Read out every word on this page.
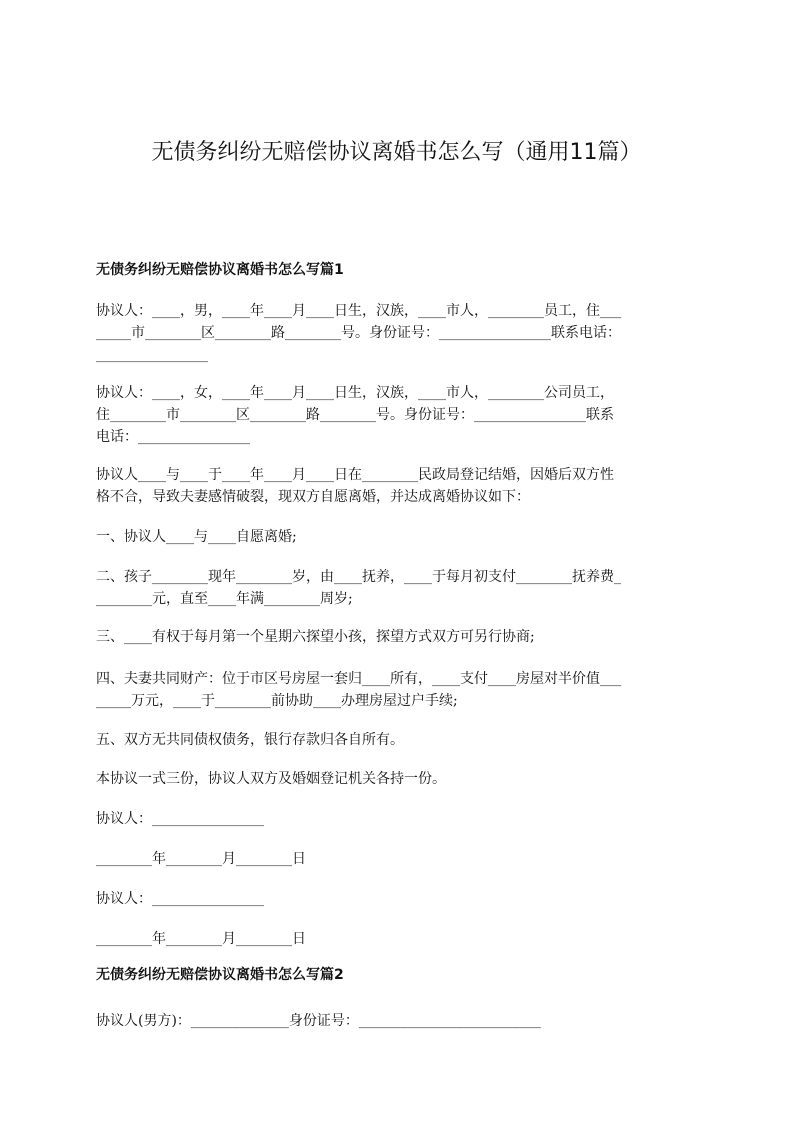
无债务纠纷无赔偿协议离婚书怎么写（通用11篇）
无债务纠纷无赔偿协议离婚书怎么写篇1
协议人：____，男，____年____月____日生，汉族，____市人，________员工，住___
_____市________区________路________号。身份证号：________________联系电话：
________________
协议人：____，女，____年____月____日生，汉族，____市人，________公司员工，
住________市________区________路________号。身份证号：________________联系
电话：________________
协议人____与____于____年____月____日在________民政局登记结婚，因婚后双方性
格不合，导致夫妻感情破裂，现双方自愿离婚，并达成离婚协议如下：
一、协议人____与____自愿离婚;
二、孩子________现年________岁，由____抚养，____于每月初支付________抚养费_
________元，直至____年满________周岁;
三、____有权于每月第一个星期六探望小孩，探望方式双方可另行协商;
四、夫妻共同财产：位于市区号房屋一套归____所有，____支付____房屋对半价值___
_____万元，____于________前协助____办理房屋过户手续;
五、双方无共同债权债务，银行存款归各自所有。
本协议一式三份，协议人双方及婚姻登记机关各持一份。
协议人：________________
________年________月________日
协议人：________________
________年________月________日
无债务纠纷无赔偿协议离婚书怎么写篇2
协议人(男方)：______________身份证号：__________________________
